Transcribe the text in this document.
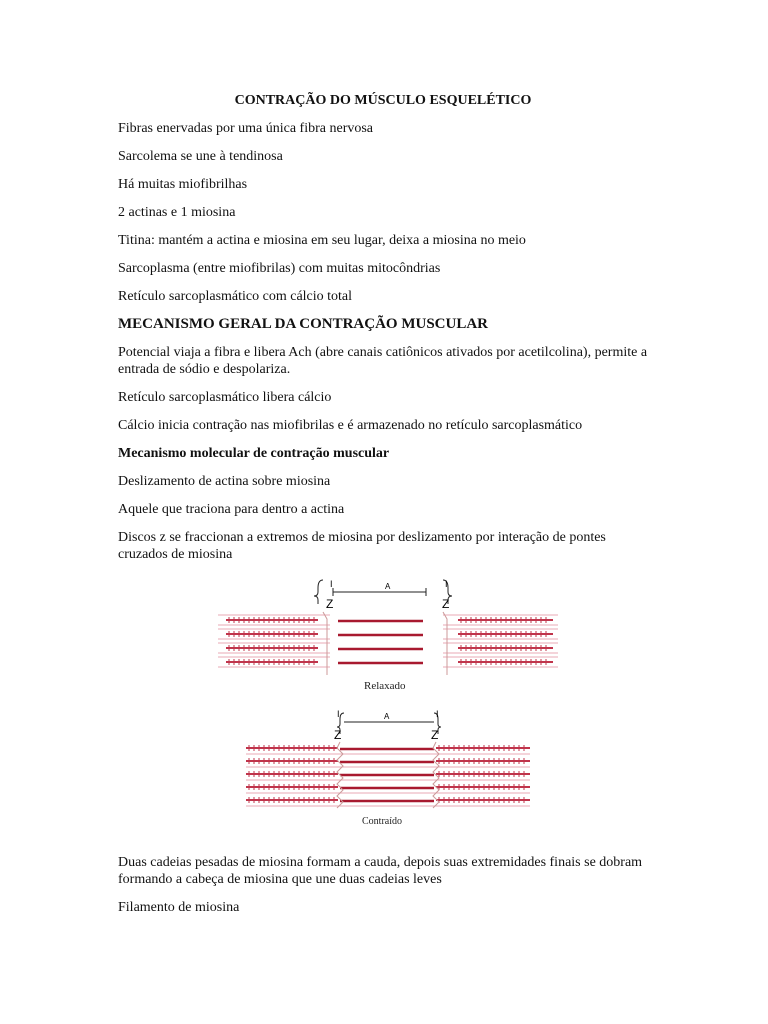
CONTRAÇÃO DO MÚSCULO ESQUELÉTICO

Fibras enervadas por uma única fibra nervosa

Sarcolema se une à tendinosa

Há muitas miofibrilhas

2 actinas e 1 miosina

Titina: mantém a actina e miosina em seu lugar, deixa a miosina no meio

Sarcoplasma (entre miofibrilas) com muitas mitocôndrias

Retículo sarcoplasmático com cálcio total

MECANISMO GERAL DA CONTRAÇÃO MUSCULAR

Potencial viaja a fibra e libera Ach (abre canais catiônicos ativados por acetilcolina), permite a entrada de sódio e despolariza.

Retículo sarcoplasmático libera cálcio

Cálcio inicia contração nas miofibrilas e é armazenado no retículo sarcoplasmático

Mecanismo molecular de contração muscular

Deslizamento de actina sobre miosina

Aquele que traciona para dentro a actina

Discos z se fraccionan a extremos de miosina por deslizamento por interação de pontes cruzados de miosina

A
I	I
Z	Z
A
I	I
Z	Z
Relaxado
Contraído

Duas cadeias pesadas de miosina formam a cauda, depois suas extremidades finais se dobram formando a cabeça de miosina que une duas cadeias leves

Filamento de miosina
